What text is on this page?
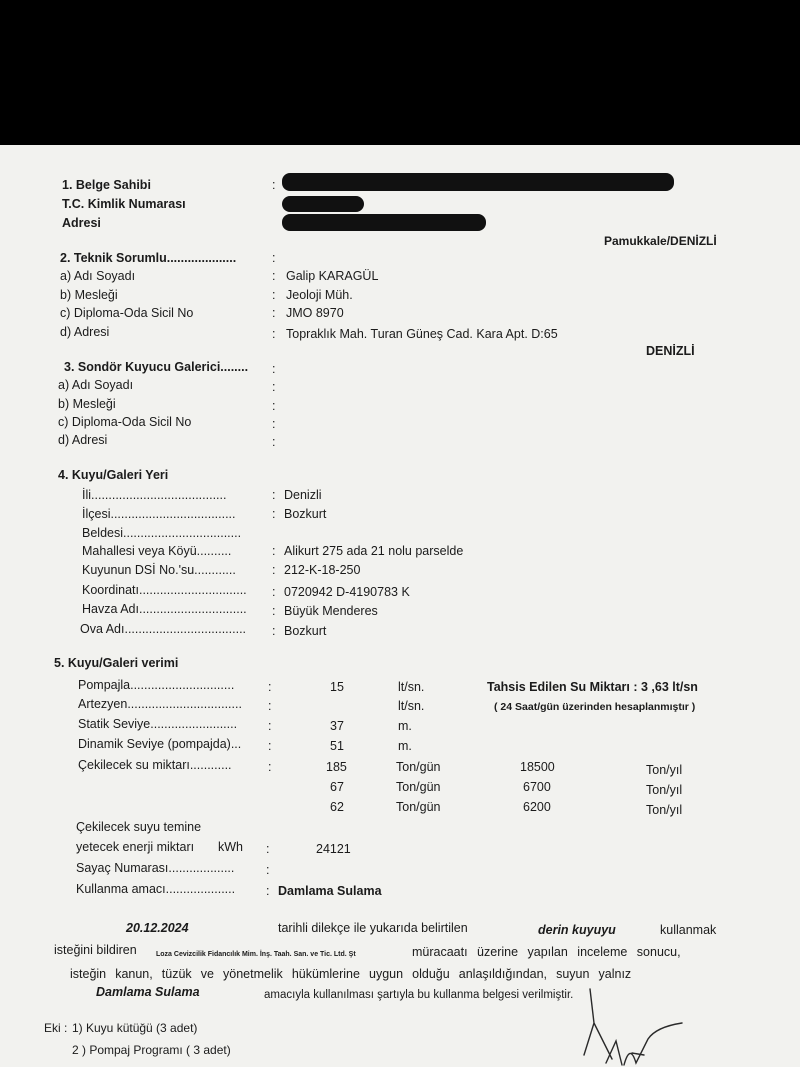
1. Belge Sahibi	:
T.C. Kimlik Numarası
Adresi
Pamukkale/DENİZLİ
2. Teknik Sorumlu....................	:
a) Adı Soyadı	: Galip KARAGÜL
b) Mesleği	: Jeoloji Müh.
c) Diploma-Oda Sicil No	: JMO 8970
d) Adresi	: Topraklık Mah. Turan Güneş Cad. Kara Apt. D:65
DENİZLİ
3. Sondör Kuyucu Galerici........ :
a) Adı Soyadı	:
b) Mesleği	:
c) Diploma-Oda Sicil No	:
d) Adresi	:
4. Kuyu/Galeri Yeri
İli.......................................	: Denizli
İlçesi....................................	: Bozkurt
Beldesi..................................
Mahallesi veya Köyü..........	: Alikurt 275 ada 21 nolu parselde
Kuyunun DSİ No.'su............	: 212-K-18-250
Koordinatı............................... : 0720942 D-4190783 K
Havza Adı............................... : Büyük Menderes
Ova Adı................................... : Bozkurt
5. Kuyu/Galeri verimi
Pompajla..............................	:	15	lt/sn.	Tahsis Edilen Su Miktarı : 3 ,63 lt/sn
Artezyen................................. :	lt/sn.	( 24 Saat/gün üzerinden hesaplanmıştır )
Statik Seviye......................... :	37	m.
Dinamik Seviye (pompajda)... :	51	m.
Çekilecek su miktarı............	:	185	Ton/gün	18500	Ton/yıl
67	Ton/gün	6700	Ton/yıl
62	Ton/gün	6200	Ton/yıl
Çekilecek suyu temine
yetecek enerji miktarı kWh :	24121
Sayaç Numarası...................	:
Kullanma amacı.................... : Damlama Sulama
20.12.2024	tarihli dilekçe ile yukarıda belirtilen	derin kuyuyu	kullanmak
isteğini bildiren	Loza Cevizcilik Fidancılık Mim. İnş. Taah. San. ve Tic. Ltd. Şt	müracaatı üzerine yapılan inceleme sonucu,
isteğin kanun, tüzük ve yönetmelik hükümlerine uygun olduğu anlaşıldığından, suyun yalnız
Damlama Sulama	amacıyla kullanılması şartıyla bu kullanma belgesi verilmiştir.
Eki : 1) Kuyu kütüğü (3 adet)
2 ) Pompaj Programı ( 3 adet)
